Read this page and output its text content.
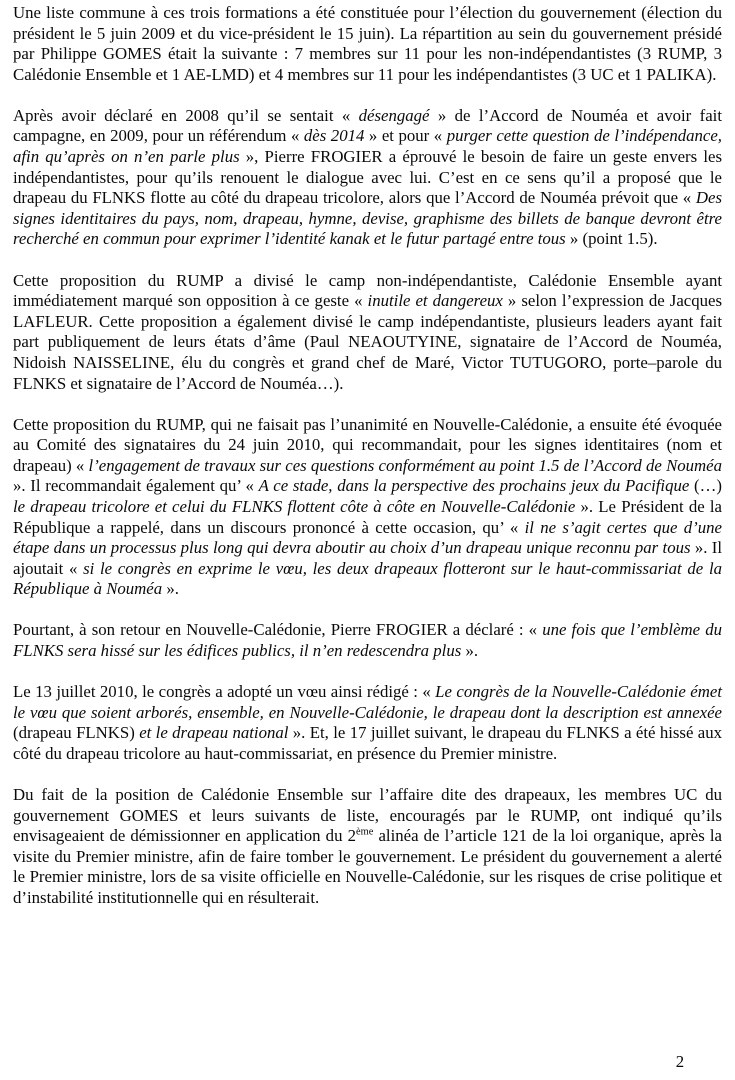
Une liste commune à ces trois formations a été constituée pour l’élection du gouvernement (élection du président le 5 juin 2009 et du vice-président le 15 juin). La répartition au sein du gouvernement présidé par Philippe GOMES était la suivante : 7 membres sur 11 pour les non-indépendantistes (3 RUMP, 3 Calédonie Ensemble et 1 AE-LMD) et 4 membres sur 11 pour les indépendantistes (3 UC et 1 PALIKA).

Après avoir déclaré en 2008 qu’il se sentait « désengagé » de l’Accord de Nouméa et avoir fait campagne, en 2009, pour un référendum « dès 2014 » et pour « purger cette question de l’indépendance, afin qu’après on n’en parle plus », Pierre FROGIER a éprouvé le besoin de faire un geste envers les indépendantistes, pour qu’ils renouent le dialogue avec lui. C’est en ce sens qu’il a proposé que le drapeau du FLNKS flotte au côté du drapeau tricolore, alors que l’Accord de Nouméa prévoit que « Des signes identitaires du pays, nom, drapeau, hymne, devise, graphisme des billets de banque devront être recherché en commun pour exprimer l’identité kanak et le futur partagé entre tous » (point 1.5).

Cette proposition du RUMP a divisé le camp non-indépendantiste, Calédonie Ensemble ayant immédiatement marqué son opposition à ce geste « inutile et dangereux » selon l’expression de Jacques LAFLEUR. Cette proposition a également divisé le camp indépendantiste, plusieurs leaders ayant fait part publiquement de leurs états d’âme (Paul NEAOUTYINE, signataire de l’Accord de Nouméa, Nidoish NAISSELINE, élu du congrès et grand chef de Maré, Victor TUTUGORO, porte–parole du FLNKS et signataire de l’Accord de Nouméa…).

Cette proposition du RUMP, qui ne faisait pas l’unanimité en Nouvelle-Calédonie, a ensuite été évoquée au Comité des signataires du 24 juin 2010, qui recommandait, pour les signes identitaires (nom et drapeau) « l’engagement de travaux sur ces questions conformément au point 1.5 de l’Accord de Nouméa ». Il recommandait également qu’ « A ce stade, dans la perspective des prochains jeux du Pacifique (…) le drapeau tricolore et celui du FLNKS flottent côte à côte en Nouvelle-Calédonie ». Le Président de la République a rappelé, dans un discours prononcé à cette occasion, qu’ « il ne s’agit certes que d’une étape dans un processus plus long qui devra aboutir au choix d’un drapeau unique reconnu par tous ». Il ajoutait « si le congrès en exprime le vœu, les deux drapeaux flotteront sur le haut-commissariat de la République à Nouméa ».

Pourtant, à son retour en Nouvelle-Calédonie, Pierre FROGIER a déclaré : « une fois que l’emblème du FLNKS sera hissé sur les édifices publics, il n’en redescendra plus ».

Le 13 juillet 2010, le congrès a adopté un vœu ainsi rédigé : « Le congrès de la Nouvelle-Calédonie émet le vœu que soient arborés, ensemble, en Nouvelle-Calédonie, le drapeau dont la description est annexée (drapeau FLNKS) et le drapeau national ». Et, le 17 juillet suivant, le drapeau du FLNKS a été hissé aux côté du drapeau tricolore au haut-commissariat, en présence du Premier ministre.

Du fait de la position de Calédonie Ensemble sur l’affaire dite des drapeaux, les membres UC du gouvernement GOMES et leurs suivants de liste, encouragés par le RUMP, ont indiqué qu’ils envisageaient de démissionner en application du 2ème alinéa de l’article 121 de la loi organique, après la visite du Premier ministre, afin de faire tomber le gouvernement. Le président du gouvernement a alerté le Premier ministre, lors de sa visite officielle en Nouvelle-Calédonie, sur les risques de crise politique et d’instabilité institutionnelle qui en résulterait.

2
